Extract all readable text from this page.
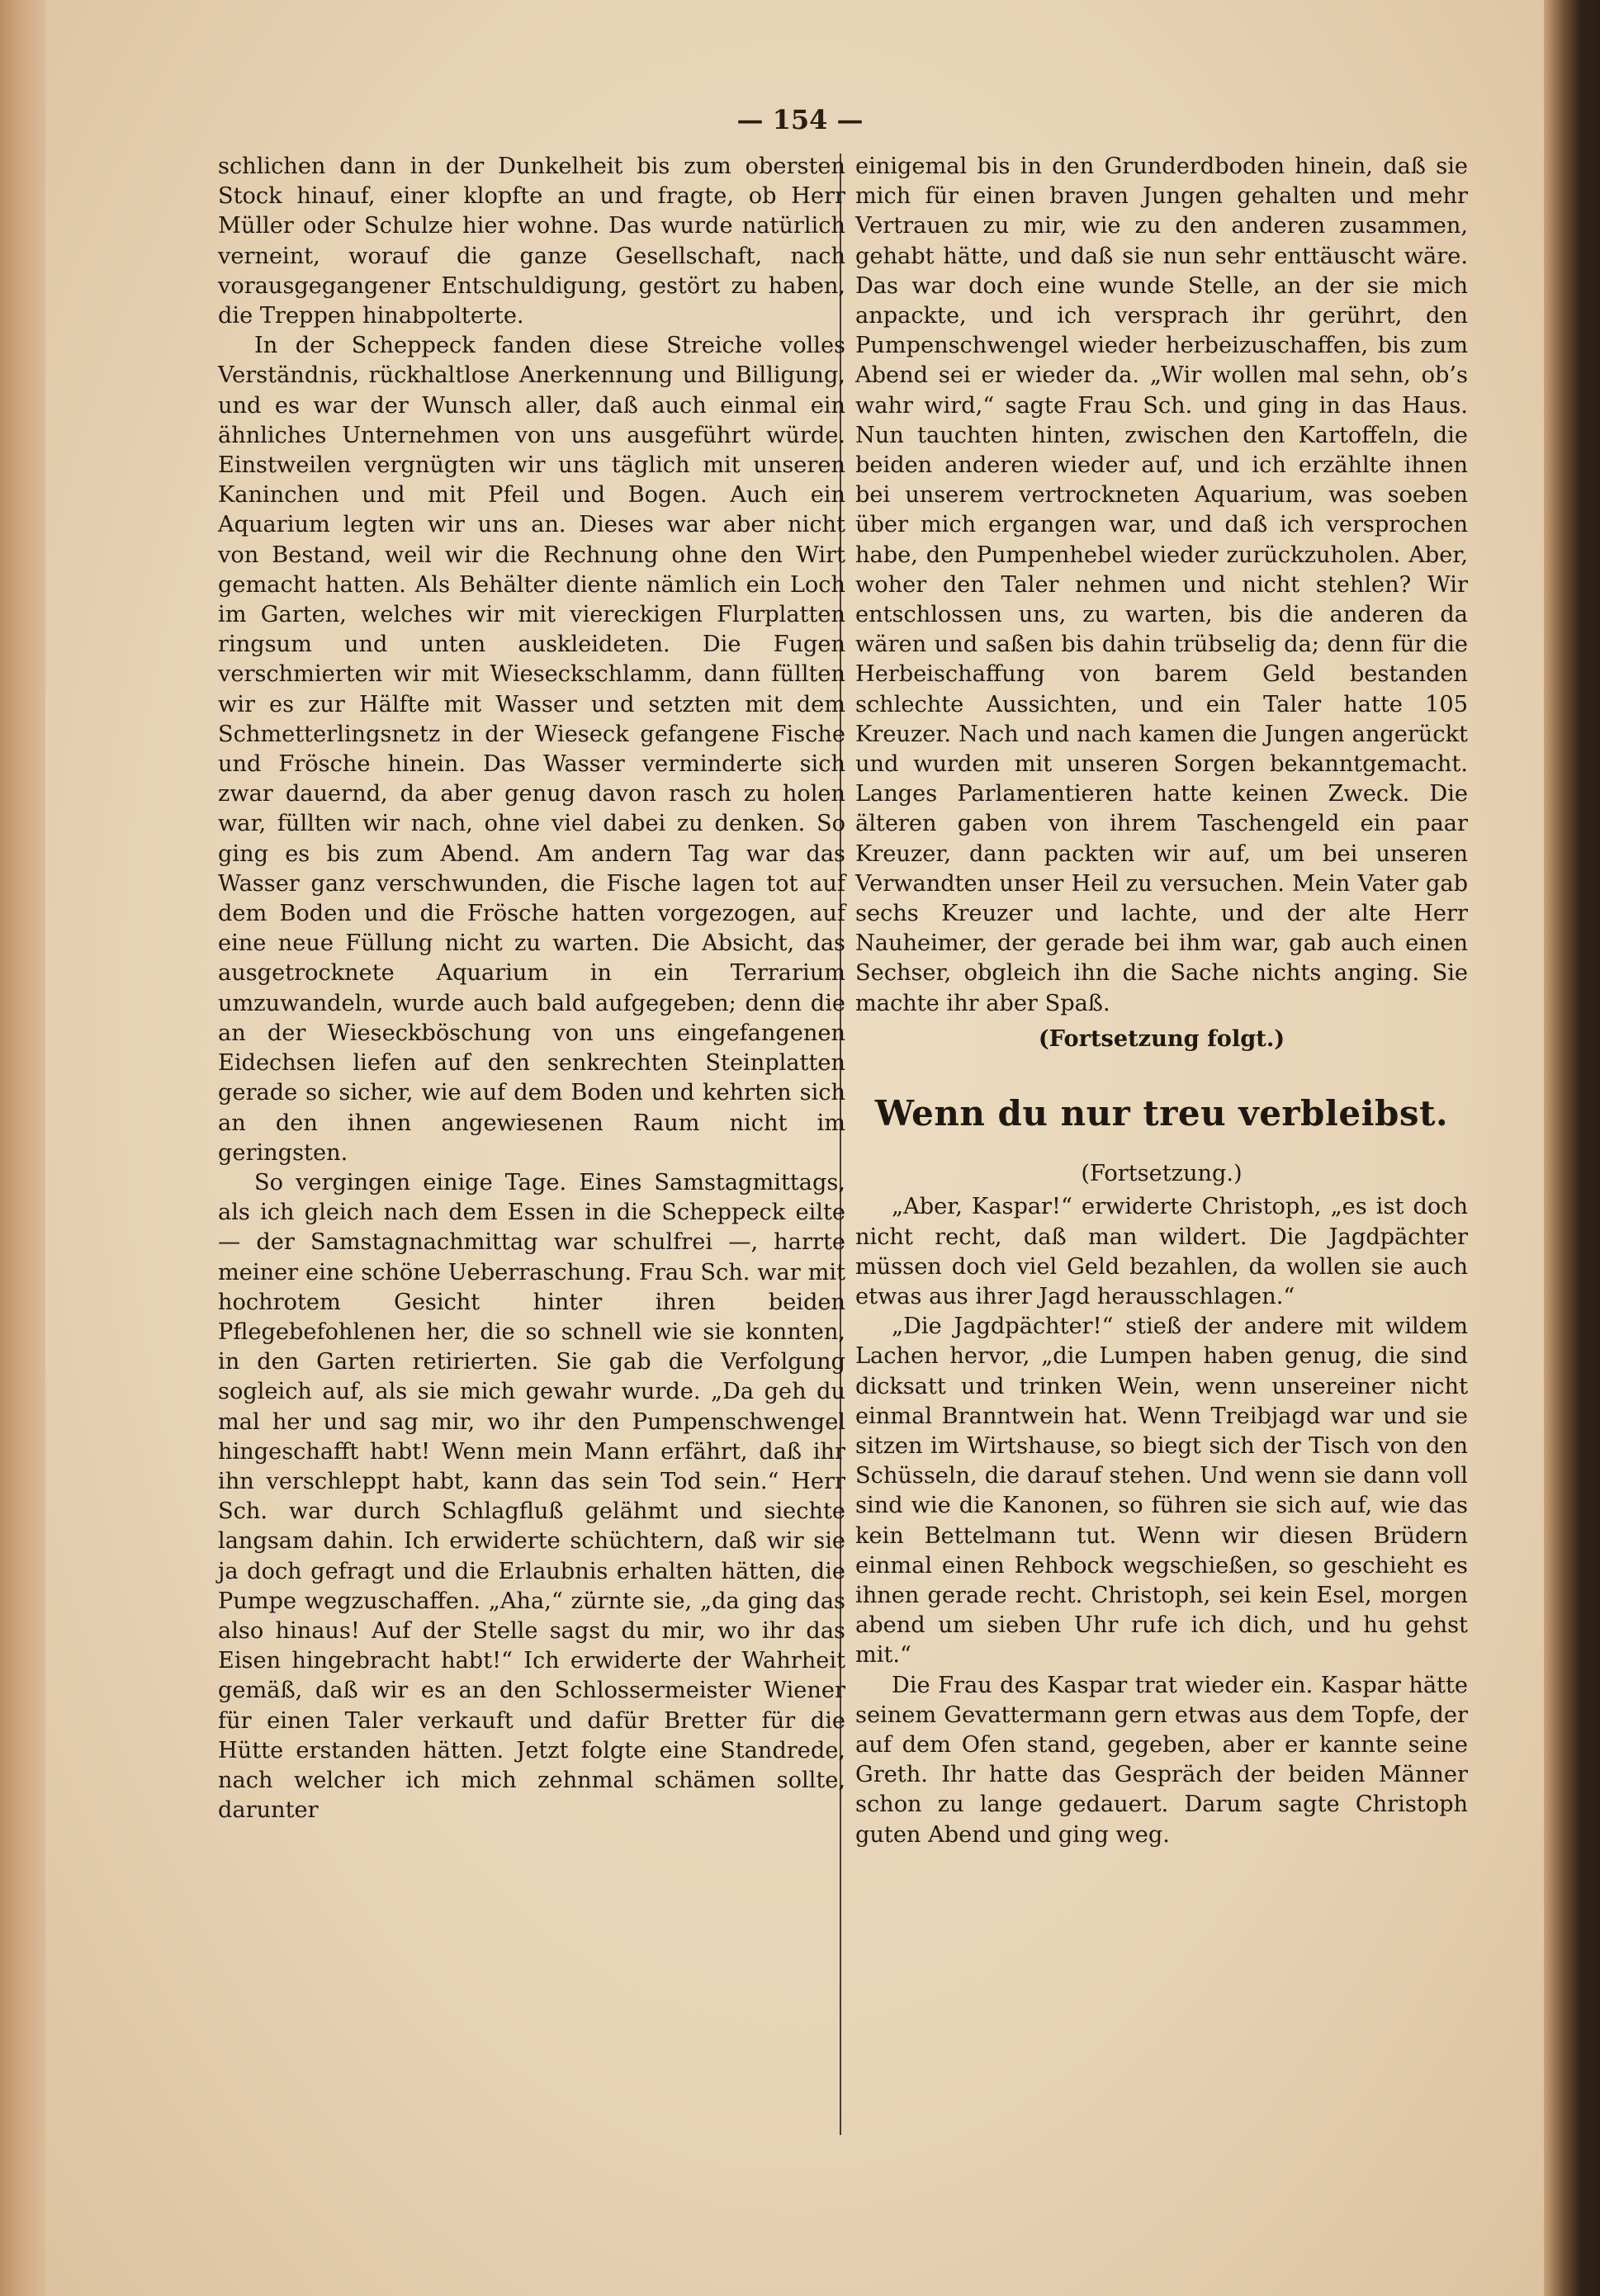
— 154 —

schlichen dann in der Dunkelheit bis zum obersten Stock hinauf, einer klopfte an und fragte, ob Herr Müller oder Schulze hier wohne. Das wurde natürlich verneint, worauf die ganze Gesellschaft, nach vorausgegangener Entschuldigung, gestört zu haben, die Treppen hinabpolterte.

In der Scheppeck fanden diese Streiche volles Verständnis, rückhaltlose Anerkennung und Billigung, und es war der Wunsch aller, daß auch einmal ein ähnliches Unternehmen von uns ausgeführt würde. Einstweilen vergnügten wir uns täglich mit unseren Kaninchen und mit Pfeil und Bogen. Auch ein Aquarium legten wir uns an. Dieses war aber nicht von Bestand, weil wir die Rechnung ohne den Wirt gemacht hatten. Als Behälter diente nämlich ein Loch im Garten, welches wir mit viereckigen Flurplatten ringsum und unten auskleideten. Die Fugen verschmierten wir mit Wieseckschlamm, dann füllten wir es zur Hälfte mit Wasser und setzten mit dem Schmetterlingsnetz in der Wieseck gefangene Fische und Frösche hinein. Das Wasser verminderte sich zwar dauernd, da aber genug davon rasch zu holen war, füllten wir nach, ohne viel dabei zu denken. So ging es bis zum Abend. Am andern Tag war das Wasser ganz verschwunden, die Fische lagen tot auf dem Boden und die Frösche hatten vorgezogen, auf eine neue Füllung nicht zu warten. Die Absicht, das ausgetrocknete Aquarium in ein Terrarium umzuwandeln, wurde auch bald aufgegeben; denn die an der Wieseckböschung von uns eingefangenen Eidechsen liefen auf den senkrechten Steinplatten gerade so sicher, wie auf dem Boden und kehrten sich an den ihnen angewiesenen Raum nicht im geringsten.

So vergingen einige Tage. Eines Samstagmittags, als ich gleich nach dem Essen in die Scheppeck eilte — der Samstagnachmittag war schulfrei —, harrte meiner eine schöne Ueberraschung. Frau Sch. war mit hochrotem Gesicht hinter ihren beiden Pflegebefohlenen her, die so schnell wie sie konnten, in den Garten retirierten. Sie gab die Verfolgung sogleich auf, als sie mich gewahr wurde. „Da geh du mal her und sag mir, wo ihr den Pumpenschwengel hingeschafft habt! Wenn mein Mann erfährt, daß ihr ihn verschleppt habt, kann das sein Tod sein.“ Herr Sch. war durch Schlagfluß gelähmt und siechte langsam dahin. Ich erwiderte schüchtern, daß wir sie ja doch gefragt und die Erlaubnis erhalten hätten, die Pumpe wegzuschaffen. „Aha,“ zürnte sie, „da ging das also hinaus! Auf der Stelle sagst du mir, wo ihr das Eisen hingebracht habt!“ Ich erwiderte der Wahrheit gemäß, daß wir es an den Schlossermeister Wiener für einen Taler verkauft und dafür Bretter für die Hütte erstanden hätten. Jetzt folgte eine Standrede, nach welcher ich mich zehnmal schämen sollte, darunter

einigemal bis in den Grunderdboden hinein, daß sie mich für einen braven Jungen gehalten und mehr Vertrauen zu mir, wie zu den anderen zusammen, gehabt hätte, und daß sie nun sehr enttäuscht wäre. Das war doch eine wunde Stelle, an der sie mich anpackte, und ich versprach ihr gerührt, den Pumpenschwengel wieder herbeizuschaffen, bis zum Abend sei er wieder da. „Wir wollen mal sehn, ob’s wahr wird,“ sagte Frau Sch. und ging in das Haus. Nun tauchten hinten, zwischen den Kartoffeln, die beiden anderen wieder auf, und ich erzählte ihnen bei unserem vertrockneten Aquarium, was soeben über mich ergangen war, und daß ich versprochen habe, den Pumpenhebel wieder zurückzuholen. Aber, woher den Taler nehmen und nicht stehlen? Wir entschlossen uns, zu warten, bis die anderen da wären und saßen bis dahin trübselig da; denn für die Herbeischaffung von barem Geld bestanden schlechte Aussichten, und ein Taler hatte 105 Kreuzer. Nach und nach kamen die Jungen angerückt und wurden mit unseren Sorgen bekanntgemacht. Langes Parlamentieren hatte keinen Zweck. Die älteren gaben von ihrem Taschengeld ein paar Kreuzer, dann packten wir auf, um bei unseren Verwandten unser Heil zu versuchen. Mein Vater gab sechs Kreuzer und lachte, und der alte Herr Nauheimer, der gerade bei ihm war, gab auch einen Sechser, obgleich ihn die Sache nichts anging. Sie machte ihr aber Spaß.

(Fortsetzung folgt.)

Wenn du nur treu verbleibst.

(Fortsetzung.)

„Aber, Kaspar!“ erwiderte Christoph, „es ist doch nicht recht, daß man wildert. Die Jagdpächter müssen doch viel Geld bezahlen, da wollen sie auch etwas aus ihrer Jagd herausschlagen.“

„Die Jagdpächter!“ stieß der andere mit wildem Lachen hervor, „die Lumpen haben genug, die sind dicksatt und trinken Wein, wenn unsereiner nicht einmal Branntwein hat. Wenn Treibjagd war und sie sitzen im Wirtshause, so biegt sich der Tisch von den Schüsseln, die darauf stehen. Und wenn sie dann voll sind wie die Kanonen, so führen sie sich auf, wie das kein Bettelmann tut. Wenn wir diesen Brüdern einmal einen Rehbock wegschießen, so geschieht es ihnen gerade recht. Christoph, sei kein Esel, morgen abend um sieben Uhr rufe ich dich, und hu gehst mit.“

Die Frau des Kaspar trat wieder ein. Kaspar hätte seinem Gevattermann gern etwas aus dem Topfe, der auf dem Ofen stand, gegeben, aber er kannte seine Greth. Ihr hatte das Gespräch der beiden Männer schon zu lange gedauert. Darum sagte Christoph guten Abend und ging weg.
